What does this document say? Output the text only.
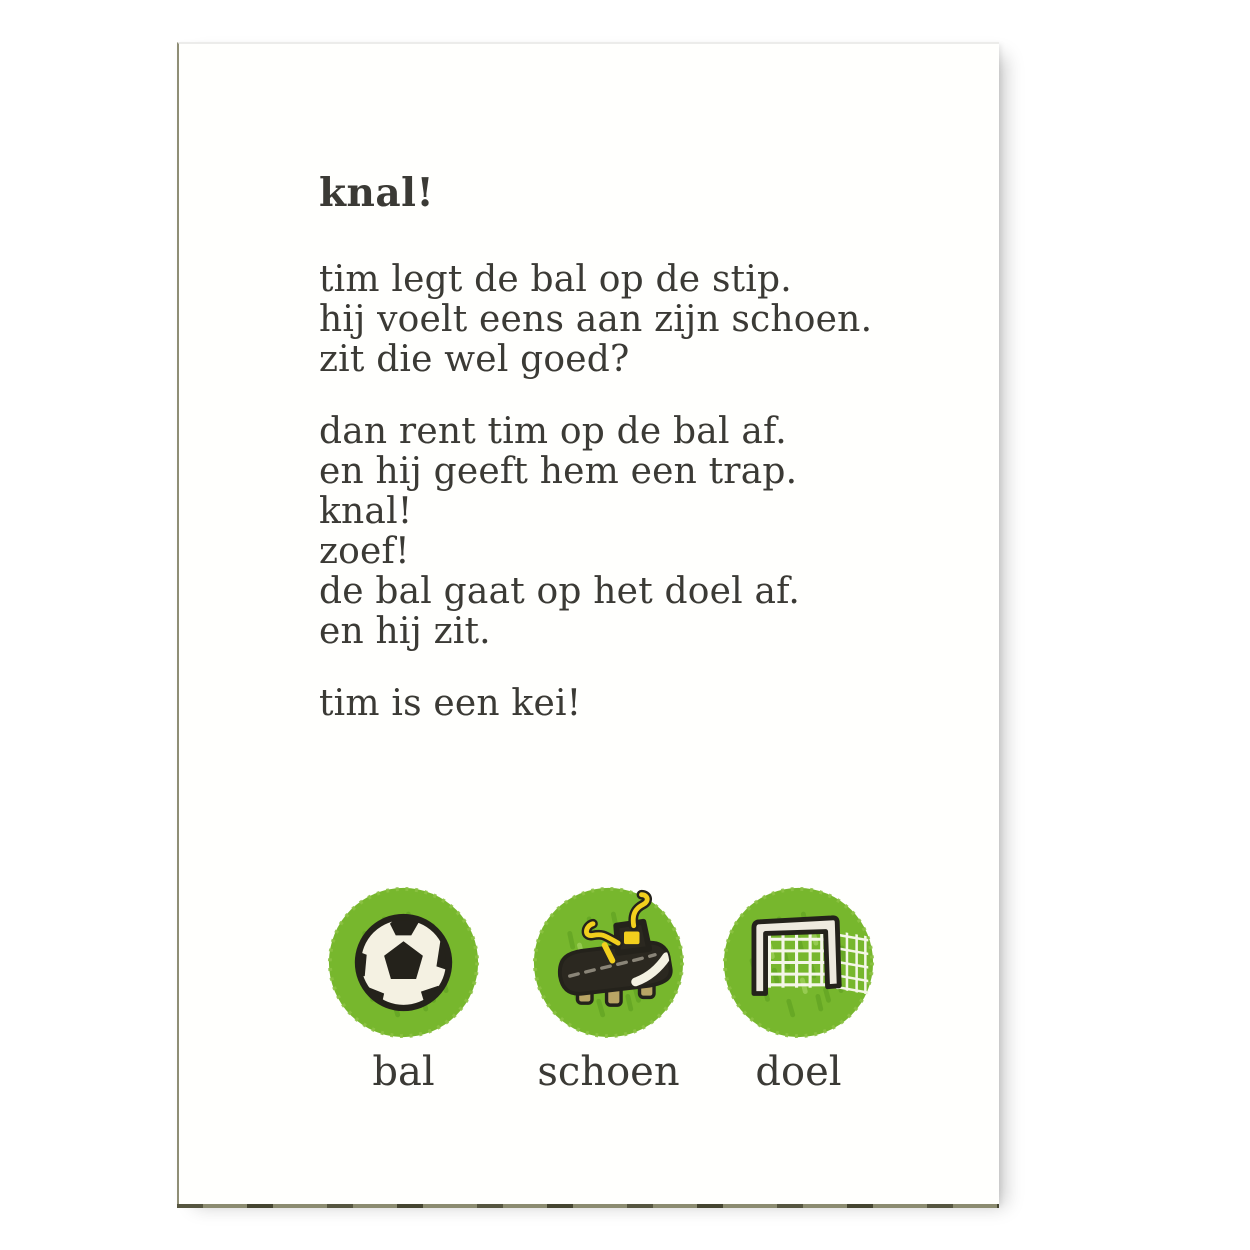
knal!

tim legt de bal op de stip.

hij voelt eens aan zijn schoen.

zit die wel goed?

dan rent tim op de bal af.

en hij geeft hem een trap.

knal!

zoef!

de bal gaat op het doel af.

en hij zit.

tim is een kei!

bal	schoen	doel
